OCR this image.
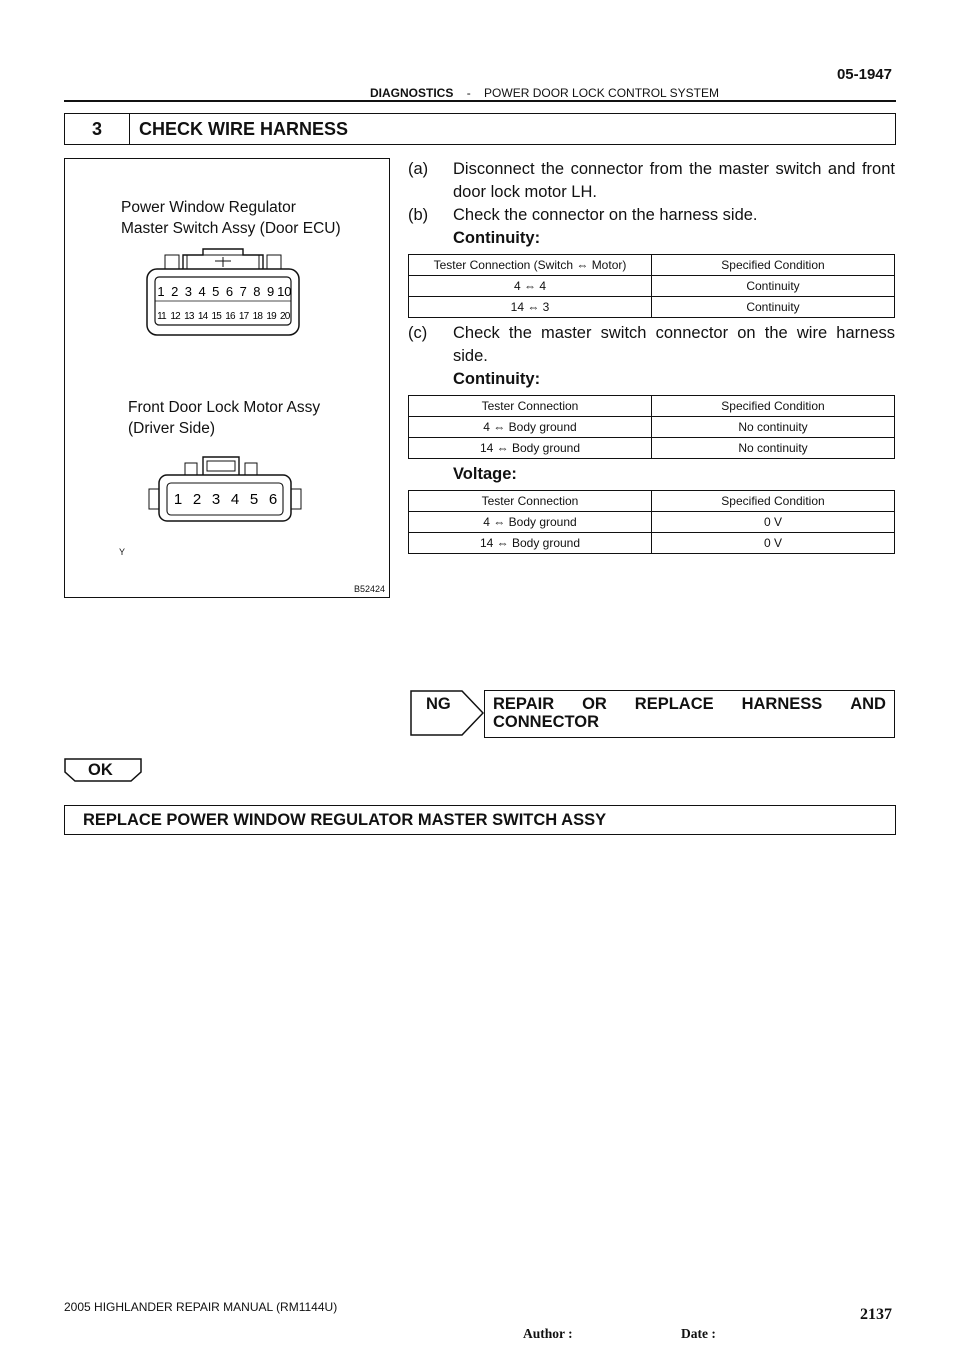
05-1947
DIAGNOSTICS - POWER DOOR LOCK CONTROL SYSTEM
3	CHECK WIRE HARNESS
Power Window Regulator
Master Switch Assy (Door ECU)
1 2 3 4 5 6 7 8 9 10
11 12 13 14 15 16 17 18 19 20
Front Door Lock Motor Assy
(Driver Side)
1 2 3 4 5 6
Y
B52424
(a) Disconnect the connector from the master switch and front door lock motor LH.
(b) Check the connector on the harness side.
Continuity:
Tester Connection (Switch ⇔ Motor)	Specified Condition
4 ⇔ 4	Continuity
14 ⇔ 3	Continuity
(c) Check the master switch connector on the wire harness side.
Continuity:
Tester Connection	Specified Condition
4 ⇔ Body ground	No continuity
14 ⇔ Body ground	No continuity
Voltage:
Tester Connection	Specified Condition
4 ⇔ Body ground	0 V
14 ⇔ Body ground	0 V
NG	REPAIR OR REPLACE HARNESS AND
CONNECTOR
OK
REPLACE POWER WINDOW REGULATOR MASTER SWITCH ASSY
2005 HIGHLANDER REPAIR MANUAL (RM1144U)	2137
Author :	Date :
